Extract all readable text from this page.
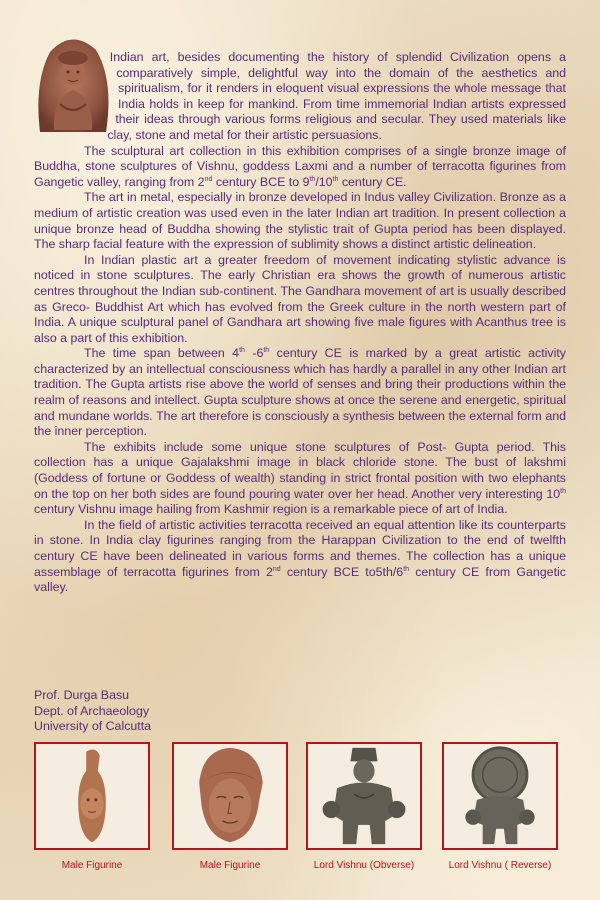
Indian art, besides documenting the history of splendid Civilization opens a comparatively simple, delightful way into the domain of the aesthetics and spiritualism, for it renders in eloquent visual expressions the whole message that India holds in keep for mankind. From time immemorial Indian artists expressed their ideas through various forms religious and secular. They used materials like clay, stone and metal for their artistic persuasions.

The sculptural art collection in this exhibition comprises of a single bronze image of Buddha, stone sculptures of Vishnu, goddess Laxmi and a number of terracotta figurines from Gangetic valley, ranging from 2nd century BCE to 9th/10th century CE.

The art in metal, especially in bronze developed in Indus valley Civilization. Bronze as a medium of artistic creation was used even in the later Indian art tradition. In present collection a unique bronze head of Buddha showing the stylistic trait of Gupta period has been displayed. The sharp facial feature with the expression of sublimity shows a distinct artistic delineation.

In Indian plastic art a greater freedom of movement indicating stylistic advance is noticed in stone sculptures. The early Christian era shows the growth of numerous artistic centres throughout the Indian sub-continent. The Gandhara movement of art is usually described as Greco- Buddhist Art which has evolved from the Greek culture in the north western part of India. A unique sculptural panel of Gandhara art showing five male figures with Acanthus tree is also a part of this exhibition.

The time span between 4th -6th century CE is marked by a great artistic activity characterized by an intellectual consciousness which has hardly a parallel in any other Indian art tradition. The Gupta artists rise above the world of senses and bring their productions within the realm of reasons and intellect. Gupta sculpture shows at once the serene and energetic, spiritual and mundane worlds. The art therefore is consciously a synthesis between the external form and the inner perception.

The exhibits include some unique stone sculptures of Post- Gupta period. This collection has a unique Gajalakshmi image in black chloride stone. The bust of lakshmi (Goddess of fortune or Goddess of wealth) standing in strict frontal position with two elephants on the top on her both sides are found pouring water over her head. Another very interesting 10th century Vishnu image hailing from Kashmir region is a remarkable piece of art of India.

In the field of artistic activities terracotta received an equal attention like its counterparts in stone. In India clay figurines ranging from the Harappan Civilization to the end of twelfth century CE have been delineated in various forms and themes. The collection has a unique assemblage of terracotta figurines from 2nd century BCE to5th/6th century CE from Gangetic valley.

Prof. Durga Basu
Dept. of Archaeology
University of Calcutta
Male Figurine	Male Figurine	Lord Vishnu (Obverse)	Lord Vishnu ( Reverse)
